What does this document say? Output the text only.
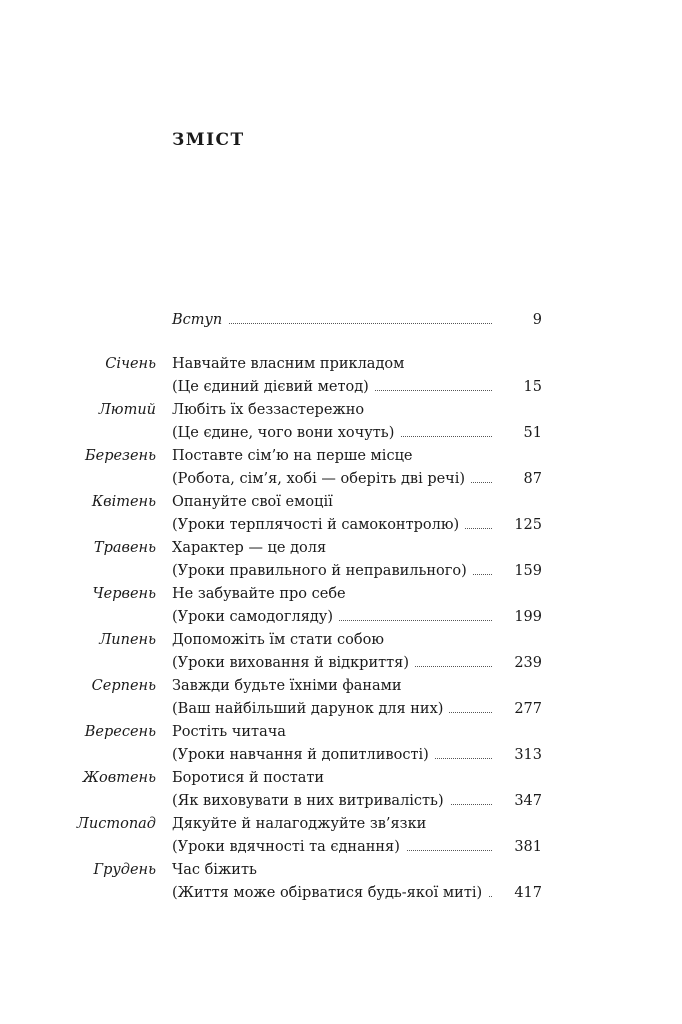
ЗМІСТ
Вступ	9
Січень Навчайте власним прикладом
(Це єдиний дієвий метод)	15
Лютий Любіть їх беззастережно
(Це єдине, чого вони хочуть)	51
Березень Поставте сім’ю на перше місце
(Робота, сім’я, хобі — оберіть дві речі)	87
Квітень Опануйте свої емоції
(Уроки терплячості й самоконтролю)	125
Травень Характер — це доля
(Уроки правильного й неправильного)	159
Червень Не забувайте про себе
(Уроки самодогляду)	199
Липень Допоможіть їм стати собою
(Уроки виховання й відкриття)	239
Серпень Завжди будьте їхніми фанами
(Ваш найбільший дарунок для них)	277
Вересень Ростіть читача
(Уроки навчання й допитливості)	313
Жовтень Боротися й постати
(Як виховувати в них витривалість)	347
Листопад Дякуйте й налагоджуйте зв’язки
(Уроки вдячності та єднання)	381
Грудень Час біжить
(Життя може обірватися будь-якої миті)	417
